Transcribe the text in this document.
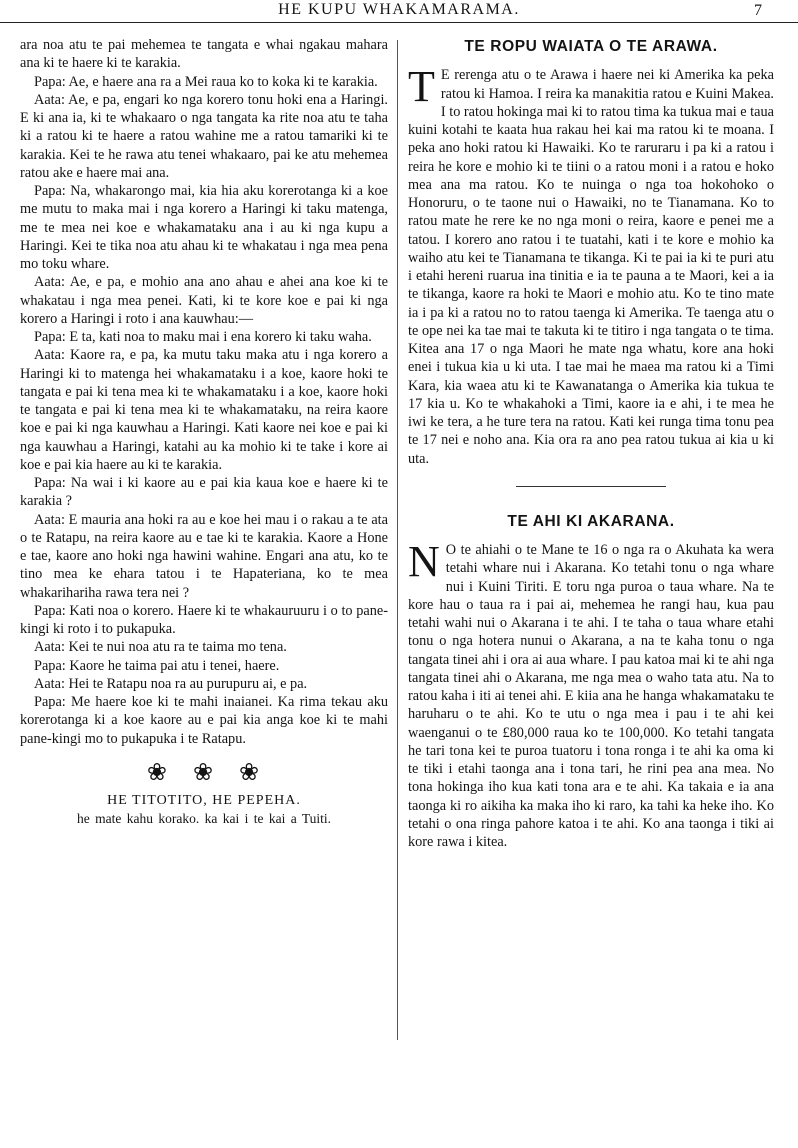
HE KUPU WHAKAMARAMA.	7

ara noa atu te pai mehemea te tangata e whai ngakau mahara ana ki te haere ki te karakia.

Papa: Ae, e haere ana ra a Mei raua ko to koka ki te karakia.

Aata: Ae, e pa, engari ko nga korero tonu hoki ena a Haringi. E ki ana ia, ki te whakaaro o nga tangata ka rite noa atu te taha ki a ratou ki te haere a ratou wahine me a ratou tamariki ki te karakia. Kei te he rawa atu tenei whakaaro, pai ke atu mehemea ratou ake e haere mai ana.

Papa: Na, whakarongo mai, kia hia aku korerotanga ki a koe me mutu to maka mai i nga korero a Haringi ki taku matenga, me te mea nei koe e whakamataku ana i au ki nga kupu a Haringi. Kei te tika noa atu ahau ki te whakatau i nga mea pena mo toku whare.

Aata: Ae, e pa, e mohio ana ano ahau e ahei ana koe ki te whakatau i nga mea penei. Kati, ki te kore koe e pai ki nga korero a Haringi i roto i ana kauwhau:—

Papa: E ta, kati noa to maku mai i ena korero ki taku waha.

Aata: Kaore ra, e pa, ka mutu taku maka atu i nga korero a Haringi ki to matenga hei whakamataku i a koe, kaore hoki te tangata e pai ki tena mea ki te whakamataku i a koe, kaore hoki te tangata e pai ki tena mea ki te whakamataku, na reira kaore koe e pai ki nga kauwhau a Haringi. Kati kaore nei koe e pai ki nga kauwhau a Haringi, katahi au ka mohio ki te take i kore ai koe e pai kia haere au ki te karakia.

Papa: Na wai i ki kaore au e pai kia kaua koe e haere ki te karakia ?

Aata: E mauria ana hoki ra au e koe hei mau i o rakau a te ata o te Ratapu, na reira kaore au e tae ki te karakia. Kaore a Hone e tae, kaore ano hoki nga hawini wahine. Engari ana atu, ko te tino mea ke ehara tatou i te Hapateriana, ko te mea whakarihariha rawa tera nei ?

Papa: Kati noa o korero. Haere ki te whakauruuru i o to pane-kingi ki roto i to pukapuka.

Aata: Kei te nui noa atu ra te taima mo tena.

Papa: Kaore he taima pai atu i tenei, haere.

Aata: Hei te Ratapu noa ra au purupuru ai, e pa.

Papa: Me haere koe ki te mahi inaianei. Ka rima tekau aku korerotanga ki a koe kaore au e pai kia anga koe ki te mahi pane-kingi mo to pukapuka i te Ratapu.

❀❀❀
HE TITOTITO, HE PEPEHA.
he mate kahu korako. ka kai i te kai a Tuiti.
TE ROPU WAIATA O TE ARAWA.

T E rerenga atu o te Arawa i haere nei ki Amerika ka peka ratou ki Hamoa. I reira ka manakitia ratou e Kuini Makea. I to ratou hokinga mai ki to ratou tima ka tukua mai e taua kuini kotahi te kaata hua rakau hei kai ma ratou ki te moana. I peka ano hoki ratou ki Hawaiki. Ko te raruraru i pa ki a ratou i reira he kore e mohio ki te tiini o a ratou moni i a ratou e hoko mea ana ma ratou. Ko te nuinga o nga toa hokohoko o Honoruru, o te taone nui o Hawaiki, no te Tianamana. Ko to ratou mate he rere ke no nga moni o reira, kaore e penei me a tatou. I korero ano ratou i te tuatahi, kati i te kore e mohio ka waiho atu kei te Tianamana te tikanga. Ki te pai ia ki te puri atu i etahi hereni ruarua ina tinitia e ia te pauna a te Maori, kei a ia te tikanga, kaore ra hoki te Maori e mohio atu. Ko te tino mate ia i pa ki a ratou no to ratou taenga ki Amerika. Te taenga atu o te ope nei ka tae mai te takuta ki te titiro i nga tangata o te tima. Kitea ana 17 o nga Maori he mate nga whatu, kore ana hoki enei i tukua kia u ki uta. I tae mai he maea ma ratou ki a Timi Kara, kia waea atu ki te Kawanatanga o Amerika kia tukua te 17 kia u. Ko te whakahoki a Timi, kaore ia e ahi, i te mea he iwi ke tera, a he ture tera na ratou. Kati kei runga tima tonu pea te 17 nei e noho ana. Kia ora ra ano pea ratou tukua ai kia u ki uta.

TE AHI KI AKARANA.

N O te ahiahi o te Mane te 16 o nga ra o Akuhata ka wera tetahi whare nui i Akarana. Ko tetahi tonu o nga whare nui i Kuini Tiriti. E toru nga puroa o taua whare. Na te kore hau o taua ra i pai ai, mehemea he rangi hau, kua pau tetahi wahi nui o Akarana i te ahi. I te taha o taua whare etahi tonu o nga hotera nunui o Akarana, a na te kaha tonu o nga tangata tinei ahi i ora ai aua whare. I pau katoa mai ki te ahi nga tangata tinei ahi o Akarana, me nga mea o waho tata atu. Na to ratou kaha i iti ai tenei ahi. E kiia ana he hanga whakamataku te haruharu o te ahi. Ko te utu o nga mea i pau i te ahi kei waenganui o te £80,000 raua ko te 100,000. Ko tetahi tangata he tari tona kei te puroa tuatoru i tona ronga i te ahi ka oma ki te tiki i etahi taonga ana i tona tari, he rini pea ana mea. No tona hokinga iho kua kati tona ara e te ahi. Ka takaia e ia ana taonga ki ro aikiha ka maka iho ki raro, ka tahi ka heke iho. Ko tetahi o ona ringa pahore katoa i te ahi. Ko ana taonga i tiki ai kore rawa i kitea.
